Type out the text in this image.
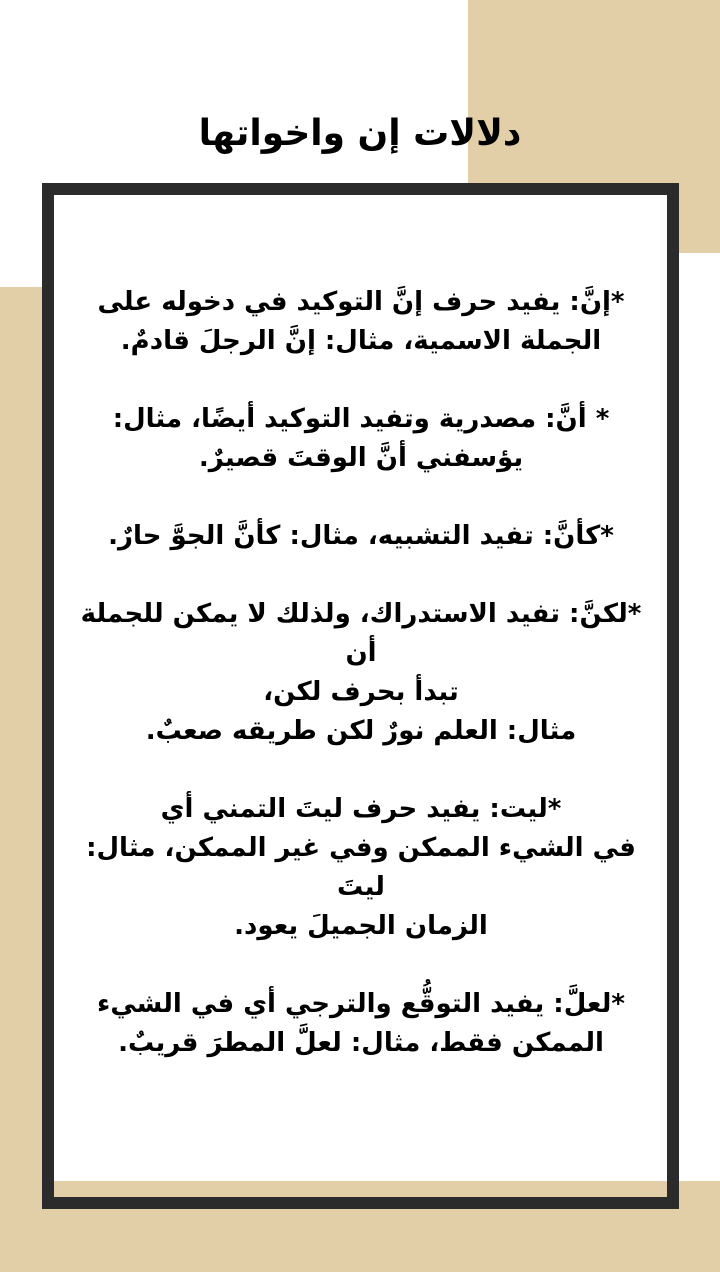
دلالات إن واخواتها

*إنَّ: يفيد حرف إنَّ التوكيد في دخوله على
الجملة الاسمية، مثال: إنَّ الرجلَ قادمٌ.

* أنَّ: مصدرية وتفيد التوكيد أيضًا، مثال:
يؤسفني أنَّ الوقتَ قصيرٌ.

*كأنَّ: تفيد التشبيه، مثال: كأنَّ الجوَّ حارٌ.

*لكنَّ: تفيد الاستدراك، ولذلك لا يمكن للجملة أن
تبدأ بحرف لكن،
مثال: العلم نورٌ لكن طريقه صعبٌ.

*ليت: يفيد حرف ليتَ التمني أي
في الشيء الممكن وفي غير الممكن، مثال: ليتَ
الزمان الجميلَ يعود.

*لعلَّ: يفيد التوقُّع والترجي أي في الشيء
الممكن فقط، مثال: لعلَّ المطرَ قريبٌ.
